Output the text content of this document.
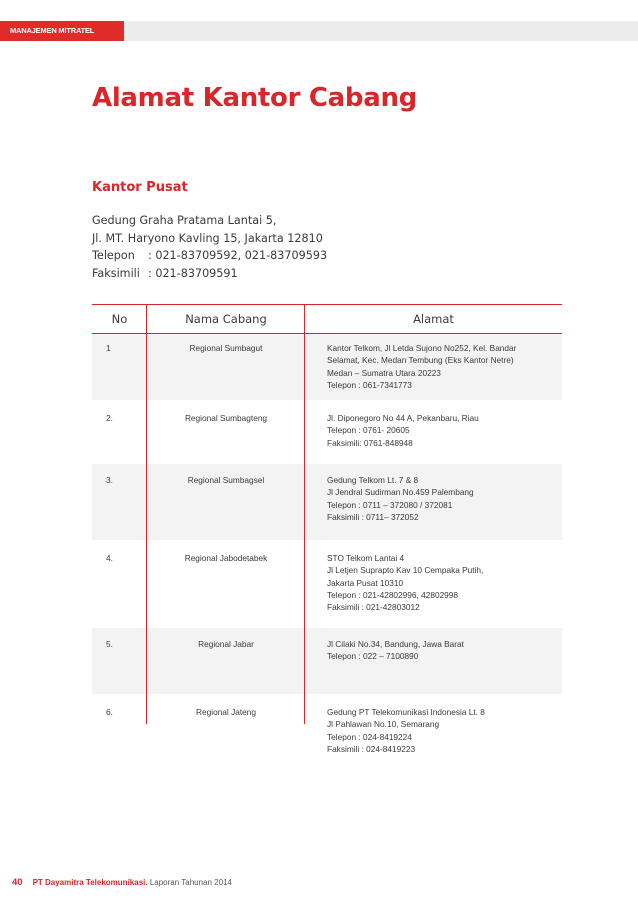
MANAJEMEN MITRATEL
Alamat Kantor Cabang
Kantor Pusat
Gedung Graha Pratama Lantai 5,
Jl. MT. Haryono Kavling 15, Jakarta 12810
Telepon : 021-83709592, 021-83709593
Faksimili : 021-83709591
No	Nama Cabang	Alamat
1	Regional Sumbagut	Kantor Telkom, Jl Letda Sujono No252, Kel. Bandar
Selamat, Kec. Medan Tembung (Eks Kantor Netre)
Medan – Sumatra Utara 20223
Telepon : 061-7341773
2.	Regional Sumbagteng	Jl. Diponegoro No 44 A, Pekanbaru, Riau
Telepon : 0761- 20605
Faksimili: 0761-848948
3.	Regional Sumbagsel	Gedung Telkom Lt. 7 & 8
Jl Jendral Sudirman No.459 Palembang
Telepon : 0711 – 372080 / 372081
Faksimili : 0711– 372052
4.	Regional Jabodetabek	STO Telkom Lantai 4
Jl Letjen Suprapto Kav 10 Cempaka Putih,
Jakarta Pusat 10310
Telepon : 021-42802996, 42802998
Faksimili : 021-42803012
5.	Regional Jabar	Jl Cilaki No.34, Bandung, Jawa Barat
Telepon : 022 – 7100890
6.	Regional Jateng	Gedung PT Telekomunikasi Indonesia Lt. 8
Jl Pahlawan No.10, Semarang
Telepon : 024-8419224
Faksimili : 024-8419223
40 PT Dayamitra Telekomunikasi. Laporan Tahunan 2014
